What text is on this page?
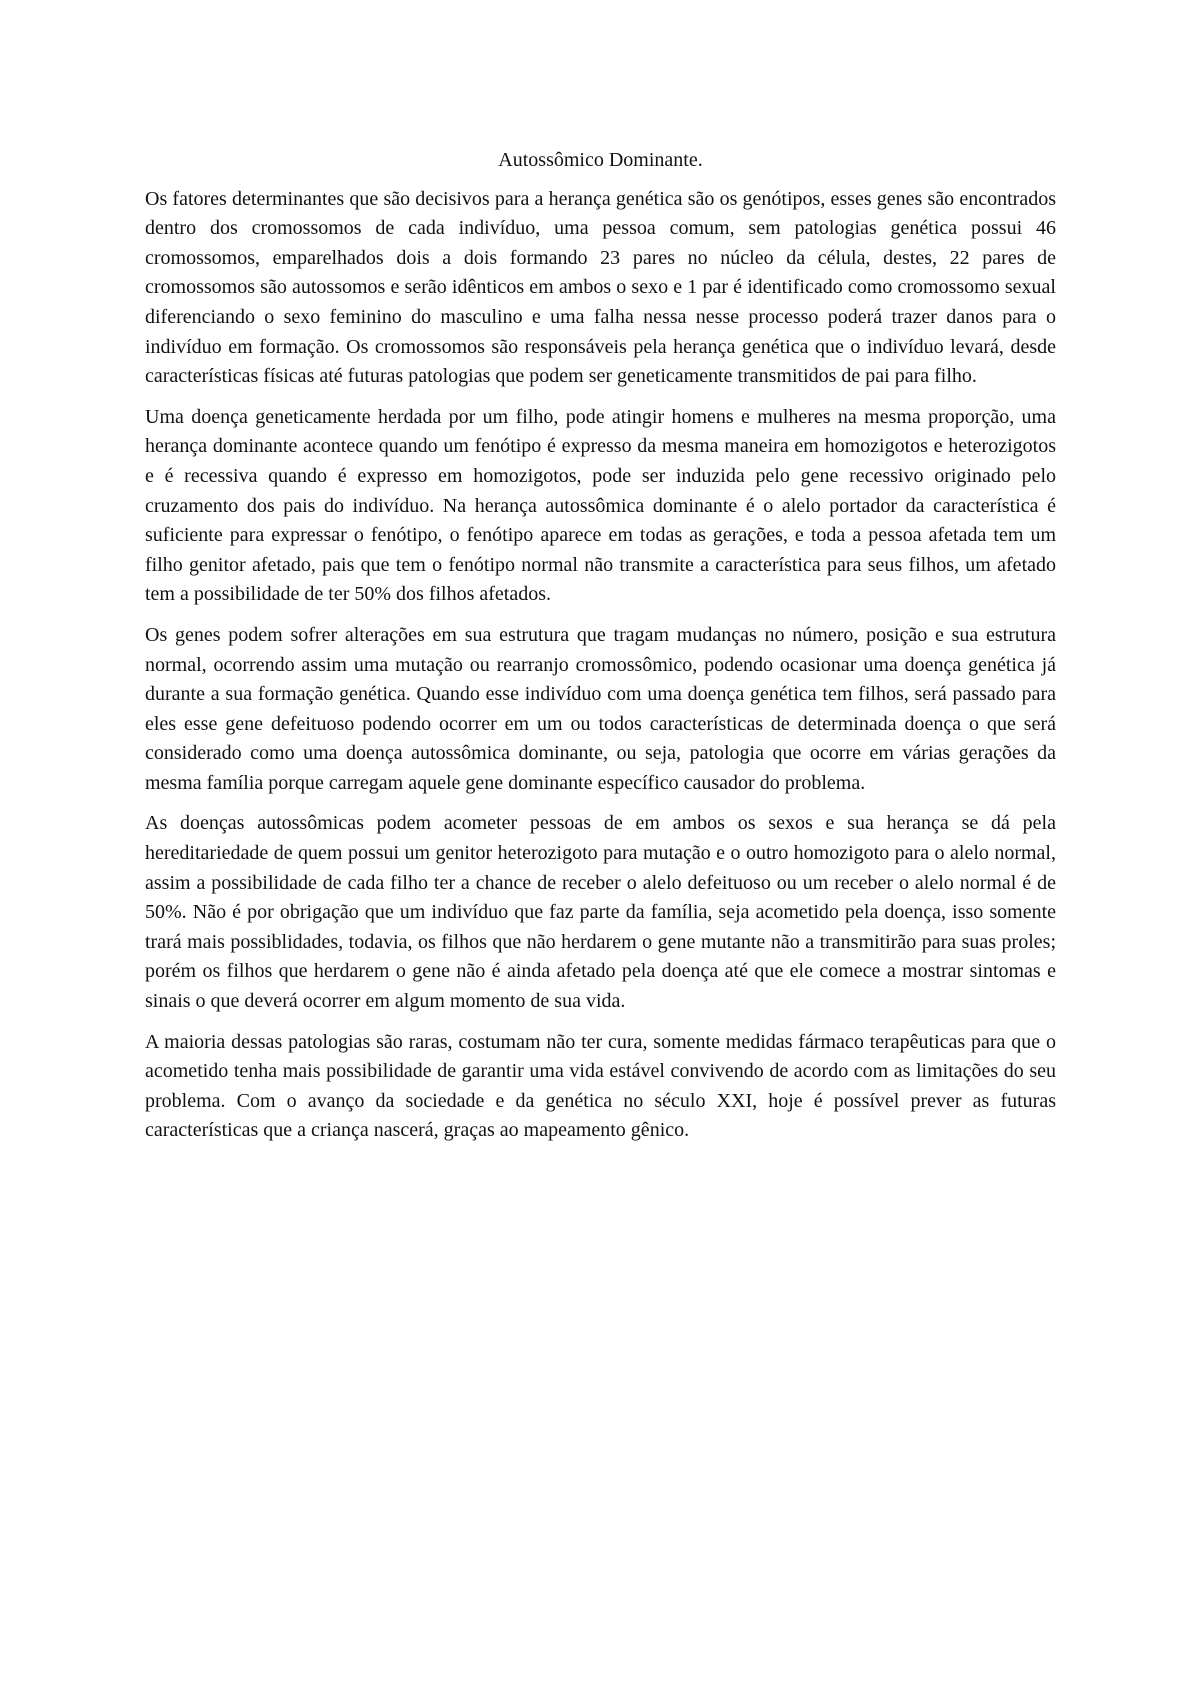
Autossômico Dominante.

Os fatores determinantes que são decisivos para a herança genética são os genótipos, esses genes são encontrados dentro dos cromossomos de cada indivíduo, uma pessoa comum, sem patologias genética possui 46 cromossomos, emparelhados dois a dois formando 23 pares no núcleo da célula, destes, 22 pares de cromossomos são autossomos e serão idênticos em ambos o sexo e 1 par é identificado como cromossomo sexual diferenciando o sexo feminino do masculino e uma falha nessa nesse processo poderá trazer danos para o indivíduo em formação. Os cromossomos são responsáveis pela herança genética que o indivíduo levará, desde características físicas até futuras patologias que podem ser geneticamente transmitidos de pai para filho.

Uma doença geneticamente herdada por um filho, pode atingir homens e mulheres na mesma proporção, uma herança dominante acontece quando um fenótipo é expresso da mesma maneira em homozigotos e heterozigotos e é recessiva quando é expresso em homozigotos, pode ser induzida pelo gene recessivo originado pelo cruzamento dos pais do indivíduo. Na herança autossômica dominante é o alelo portador da característica é suficiente para expressar o fenótipo, o fenótipo aparece em todas as gerações, e toda a pessoa afetada tem um filho genitor afetado, pais que tem o fenótipo normal não transmite a característica para seus filhos, um afetado tem a possibilidade de ter 50% dos filhos afetados.

Os genes podem sofrer alterações em sua estrutura que tragam mudanças no número, posição e sua estrutura normal, ocorrendo assim uma mutação ou rearranjo cromossômico, podendo ocasionar uma doença genética já durante a sua formação genética. Quando esse indivíduo com uma doença genética tem filhos, será passado para eles esse gene defeituoso podendo ocorrer em um ou todos características de determinada doença o que será considerado como uma doença autossômica dominante, ou seja, patologia que ocorre em várias gerações da mesma família porque carregam aquele gene dominante específico causador do problema.

As doenças autossômicas podem acometer pessoas de em ambos os sexos e sua herança se dá pela hereditariedade de quem possui um genitor heterozigoto para mutação e o outro homozigoto para o alelo normal, assim a possibilidade de cada filho ter a chance de receber o alelo defeituoso ou um receber o alelo normal é de 50%. Não é por obrigação que um indivíduo que faz parte da família, seja acometido pela doença, isso somente trará mais possiblidades, todavia, os filhos que não herdarem o gene mutante não a transmitirão para suas proles; porém os filhos que herdarem o gene não é ainda afetado pela doença até que ele comece a mostrar sintomas e sinais o que deverá ocorrer em algum momento de sua vida.

A maioria dessas patologias são raras, costumam não ter cura, somente medidas fármaco terapêuticas para que o acometido tenha mais possibilidade de garantir uma vida estável convivendo de acordo com as limitações do seu problema. Com o avanço da sociedade e da genética no século XXI, hoje é possível prever as futuras características que a criança nascerá, graças ao mapeamento gênico.
